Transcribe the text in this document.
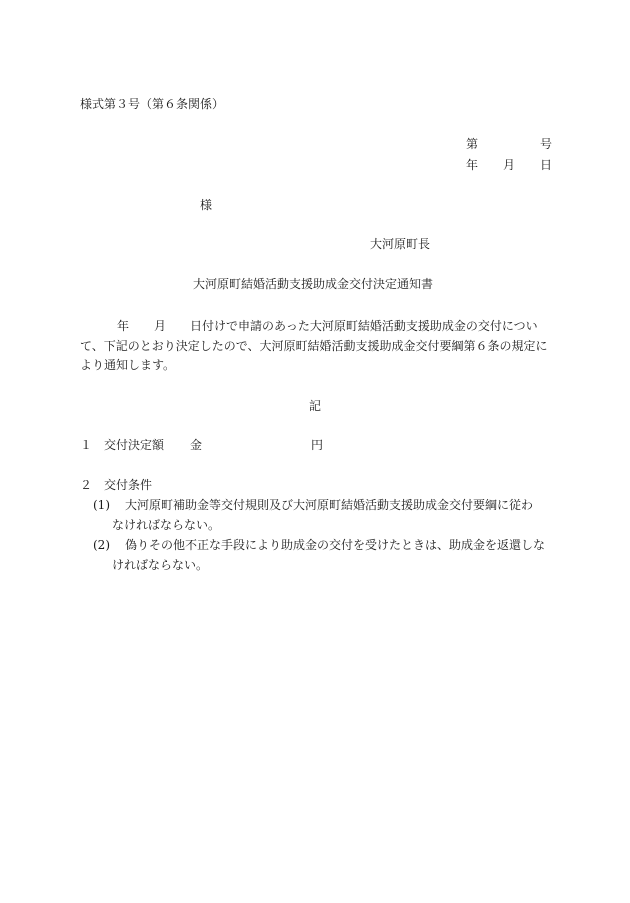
様式第３号（第６条関係）
第	号
年 月 日
様
大河原町長
大河原町結婚活動支援助成金交付決定通知書
年 月 日付けで申請のあった大河原町結婚活動支援助成金の交付につい
て、下記のとおり決定したので、大河原町結婚活動支援助成金交付要綱第６条の規定に
より通知します。
記
１ 交付決定額 金	円
２ 交付条件
(1) 大河原町補助金等交付規則及び大河原町結婚活動支援助成金交付要綱に従わ
なければならない。
(2) 偽りその他不正な手段により助成金の交付を受けたときは、助成金を返還しな
ければならない。
